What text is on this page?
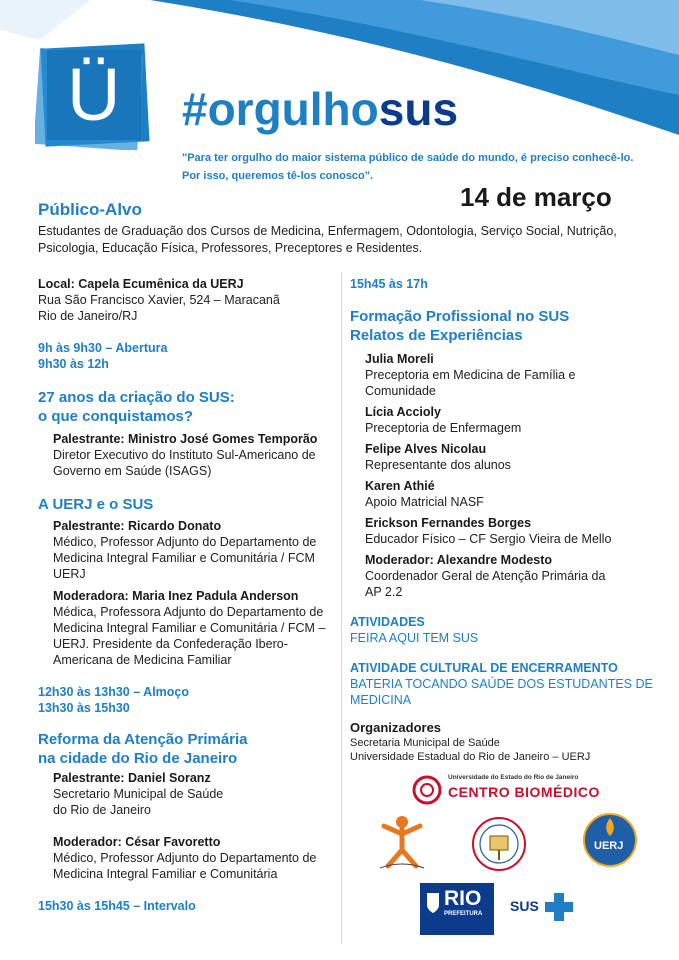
Ü #orgulhosus
"Para ter orgulho do maior sistema público de saúde do mundo, é preciso conhecê-lo.
Por isso, queremos tê-los conosco".
14 de março
Público-Alvo
Estudantes de Graduação dos Cursos de Medicina, Enfermagem, Odontologia, Serviço Social, Nutrição, Psicologia, Educação Física, Professores, Preceptores e Residentes.
Local: Capela Ecumênica da UERJ
Rua São Francisco Xavier, 524 – Maracanã
Rio de Janeiro/RJ
9h às 9h30 – Abertura
9h30 às 12h
27 anos da criação do SUS:
o que conquistamos?
Palestrante: Ministro José Gomes Temporão
Diretor Executivo do Instituto Sul-Americano de Governo em Saúde (ISAGS)
A UERJ e o SUS
Palestrante: Ricardo Donato
Médico, Professor Adjunto do Departamento de Medicina Integral Familiar e Comunitária / FCM UERJ
Moderadora: Maria Inez Padula Anderson
Médica, Professora Adjunto do Departamento de Medicina Integral Familiar e Comunitária / FCM – UERJ. Presidente da Confederação Ibero-Americana de Medicina Familiar
12h30 às 13h30 – Almoço
13h30 às 15h30
Reforma da Atenção Primária
na cidade do Rio de Janeiro
Palestrante: Daniel Soranz
Secretario Municipal de Saúde
do Rio de Janeiro
Moderador: César Favoretto
Médico, Professor Adjunto do Departamento de Medicina Integral Familiar e Comunitária
15h30 às 15h45 – Intervalo
15h45 às 17h
Formação Profissional no SUS
Relatos de Experiências
Julia Moreli
Preceptoria em Medicina de Família e Comunidade
Lícia Accioly
Preceptoria de Enfermagem
Felipe Alves Nicolau
Representante dos alunos
Karen Athié
Apoio Matricial NASF
Erickson Fernandes Borges
Educador Físico – CF Sergio Vieira de Mello
Moderador: Alexandre Modesto
Coordenador Geral de Atenção Primária da AP 2.2
ATIVIDADES
FEIRA AQUI TEM SUS
ATIVIDADE CULTURAL DE ENCERRAMENTO
BATERIA TOCANDO SAÚDE DOS ESTUDANTES DE MEDICINA
Organizadores
Secretaria Municipal de Saúde
Universidade Estadual do Rio de Janeiro – UERJ
Universidade do Estado do Rio de Janeiro
CENTRO BIOMÉDICO
UERJ
RIO
PREFEITURA SUS
